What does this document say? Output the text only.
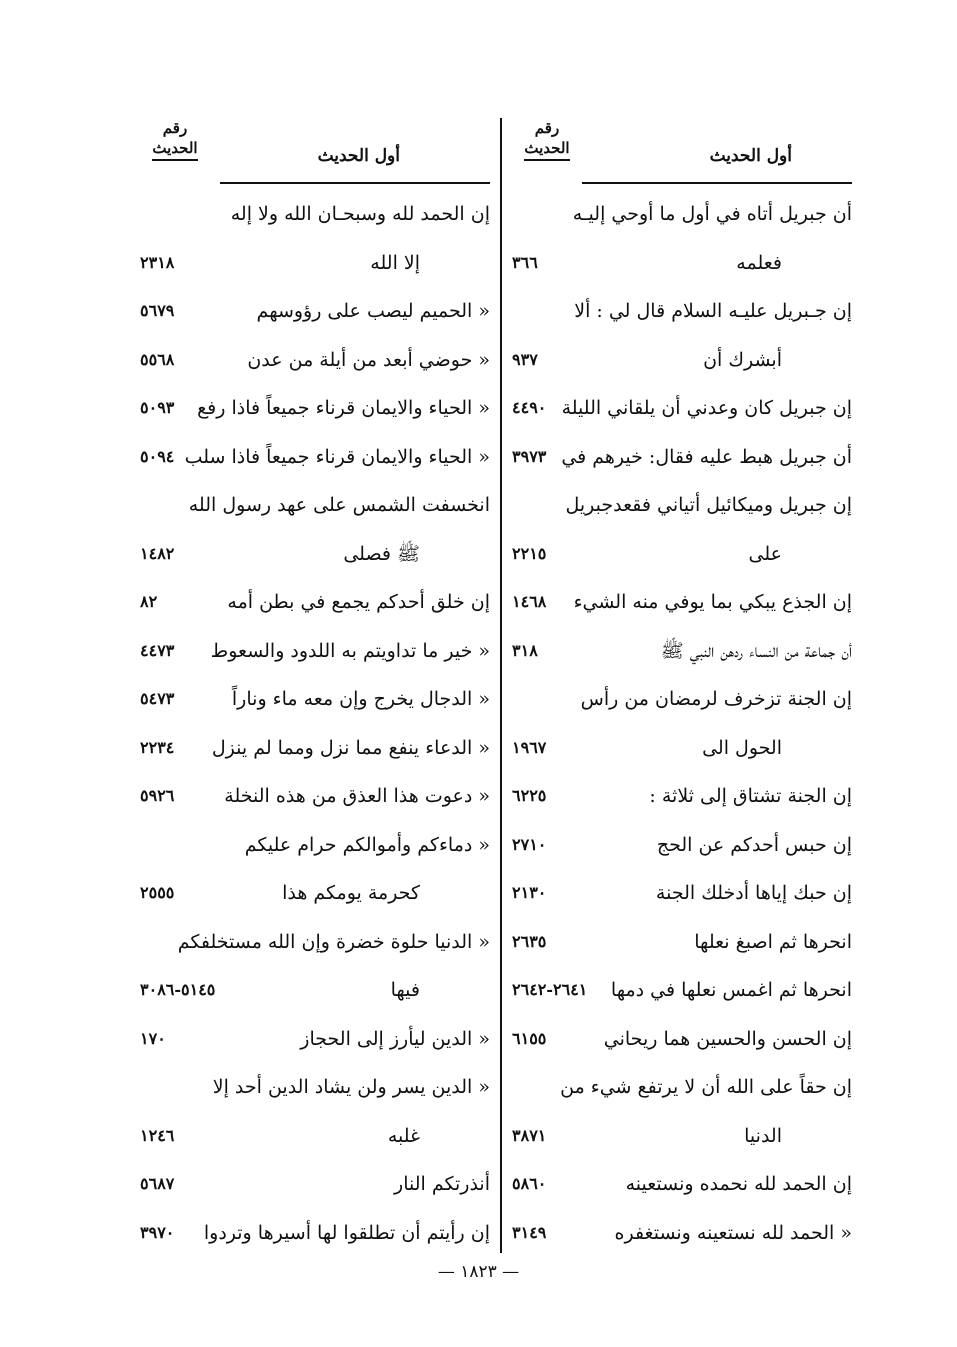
رقم
الحديث	أول الحديث
أن جبريل أتاه في أول ما أوحي إليـه
فعلمه
٣٦٦
إن جـبريل عليـه السلام قال لي : ألا
أبشرك أن
٩٣٧
إن جبريل كان وعدني أن يلقاني الليلة
٤٤٩٠
أن جبريل هبط عليه فقال: خيرهم في
٣٩٧٣
إن جبريل وميكائيل أتياني فقعدجبريل
على
٢٢١٥
إن الجذع يبكي بما يوفي منه الشيء
١٤٦٨
أن جماعة من النساء ردهن النبي ﷺ
٣١٨
إن الجنة تزخرف لرمضان من رأس
الحول الى
١٩٦٧
إن الجنة تشتاق إلى ثلاثة :
٦٢٢٥
إن حبس أحدكم عن الحج
٢٧١٠
إن حبك إياها أدخلك الجنة
٢١٣٠
انحرها ثم اصبغ نعلها
٢٦٣٥
انحرها ثم اغمس نعلها في دمها
٢٦٤١-٢٦٤٢
إن الحسن والحسين هما ريحاني
٦١٥٥
إن حقاً على الله أن لا يرتفع شيء من
الدنيا
٣٨٧١
إن الحمد لله نحمده ونستعينه
٥٨٦٠
« الحمد لله نستعينه ونستغفره
٣١٤٩
رقم
الحديث	أول الحديث
إن الحمد لله وسبحـان الله ولا إله
إلا الله
٢٣١٨
« الحميم ليصب على رؤوسهم
٥٦٧٩
« حوضي أبعد من أيلة من عدن
٥٥٦٨
« الحياء والايمان قرناء جميعاً فاذا رفع
٥٠٩٣
« الحياء والايمان قرناء جميعاً فاذا سلب
٥٠٩٤
انخسفت الشمس على عهد رسول الله
ﷺ فصلى
١٤٨٢
إن خلق أحدكم يجمع في بطن أمه
٨٢
« خير ما تداويتم به اللدود والسعوط
٤٤٧٣
« الدجال يخرج وإن معه ماء وناراً
٥٤٧٣
« الدعاء ينفع مما نزل ومما لم ينزل
٢٢٣٤
« دعوت هذا العذق من هذه النخلة
٥٩٢٦
« دماءكم وأموالكم حرام عليكم
كحرمة يومكم هذا
٢٥٥٥
« الدنيا حلوة خضرة وإن الله مستخلفكم
فيها
٥١٤٥-٣٠٨٦
« الدين ليأرز إلى الحجاز
١٧٠
« الدين يسر ولن يشاد الدين أحد إلا
غلبه
١٢٤٦
أنذرتكم النار
٥٦٨٧
إن رأيتم أن تطلقوا لها أسيرها وتردوا
٣٩٧٠
— ١٨٢٣ —
